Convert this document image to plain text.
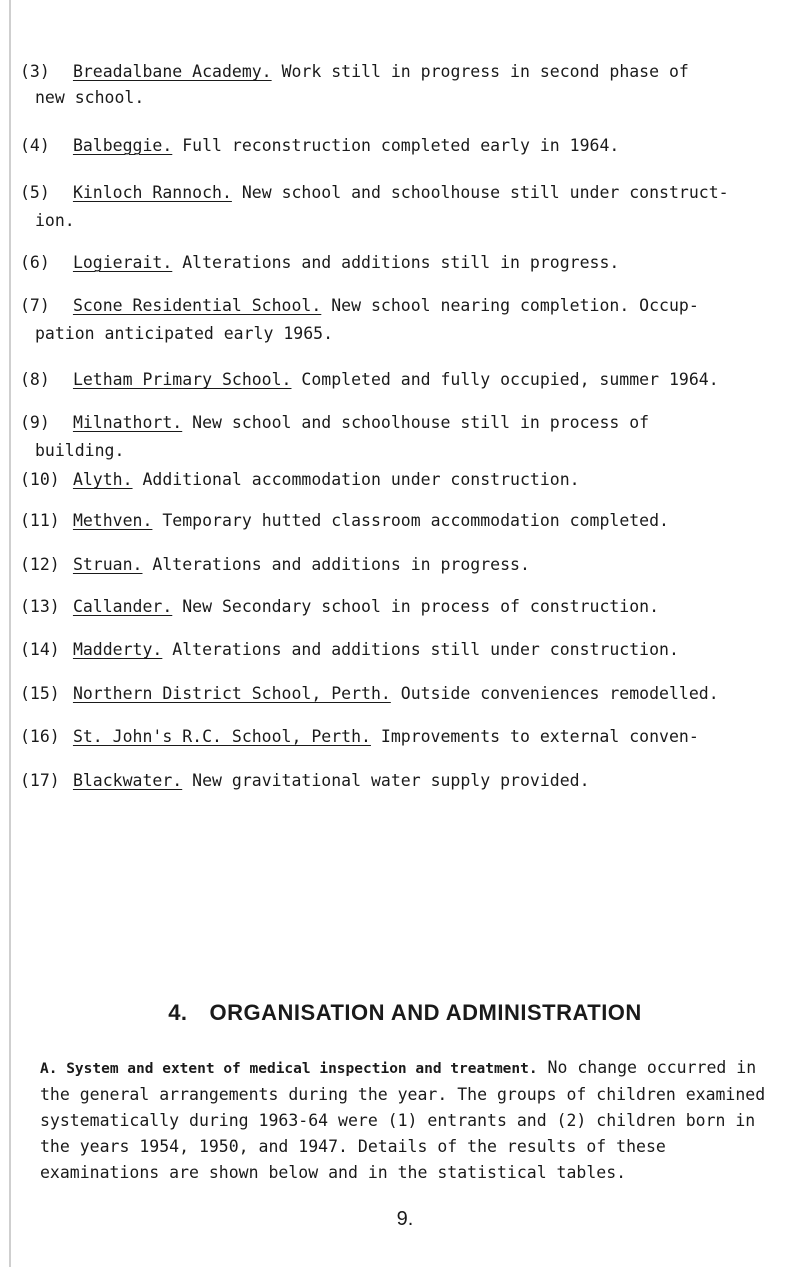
(3) Breadalbane Academy. Work still in progress in second phase of
new school.
(4) Balbeggie. Full reconstruction completed early in 1964.
(5) Kinloch Rannoch. New school and schoolhouse still under construct-
ion.
(6) Logierait. Alterations and additions still in progress.
(7) Scone Residential School. New school nearing completion. Occup-
pation anticipated early 1965.
(8) Letham Primary School. Completed and fully occupied, summer 1964.
(9) Milnathort. New school and schoolhouse still in process of
building.
(10) Alyth. Additional accommodation under construction.
(11) Methven. Temporary hutted classroom accommodation completed.
(12) Struan. Alterations and additions in progress.
(13) Callander. New Secondary school in process of construction.
(14) Madderty. Alterations and additions still under construction.
(15) Northern District School, Perth. Outside conveniences remodelled.
(16) St. John's R.C. School, Perth. Improvements to external conven-
(17) Blackwater. New gravitational water supply provided.
4. ORGANISATION AND ADMINISTRATION
A. System and extent of medical inspection and treatment. No change occurred in the general arrangements during the year. The groups of children examined systematically during 1963-64 were (1) entrants and (2) children born in the years 1954, 1950, and 1947. Details of the results of these examinations are shown below and in the statistical tables.
9.
